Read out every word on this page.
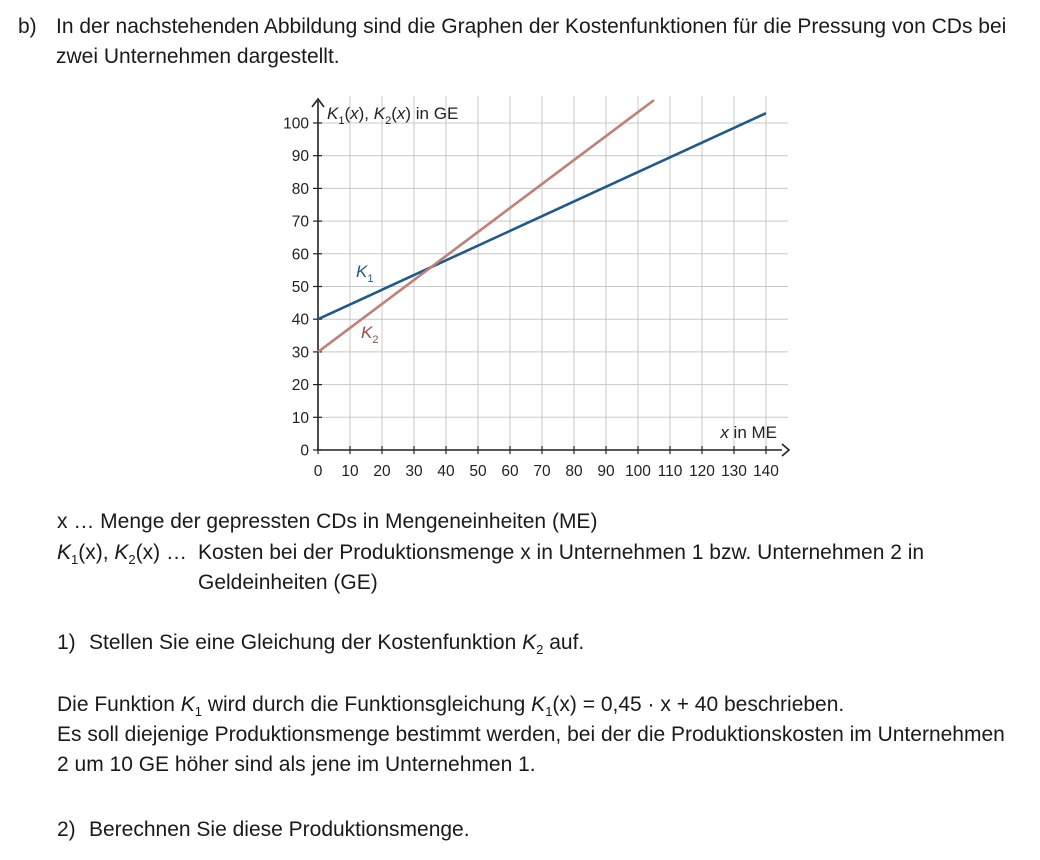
b) In der nachstehenden Abbildung sind die Graphen der Kostenfunktionen für die Pressung von CDs bei zwei Unternehmen dargestellt.
0 10 20 30 40 50 60 70 80 90 100 110 120 130 140
0
10
20
30
40
50
60
70
80
90
100
$K_1(x)$, $K_2(x)$ in GE
x in ME
$K_1$
$K_2$
x … Menge der gepressten CDs in Mengeneinheiten (ME)
$K_1(x)$, $K_2(x)$ … Kosten bei der Produktionsmenge x in Unternehmen 1 bzw. Unternehmen 2 in Geldeinheiten (GE)
1) Stellen Sie eine Gleichung der Kostenfunktion $K_2$ auf.
Die Funktion $K_1$ wird durch die Funktionsgleichung $K_1(x) = 0,45 \cdot x + 40$ beschrieben.
Es soll diejenige Produktionsmenge bestimmt werden, bei der die Produktionskosten im Unternehmen 2 um 10 GE höher sind als jene im Unternehmen 1.
2) Berechnen Sie diese Produktionsmenge.
